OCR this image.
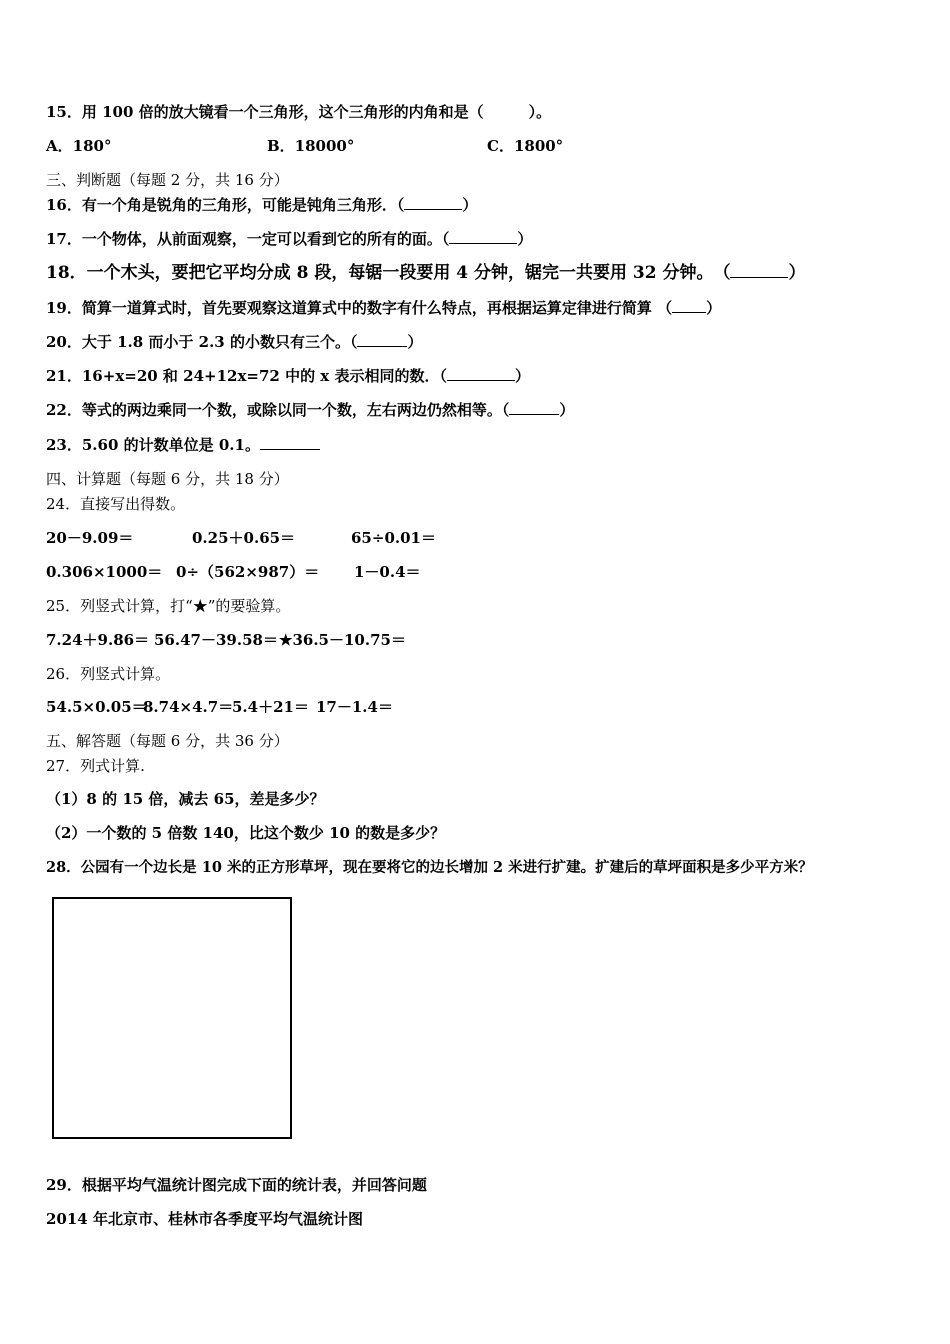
15．用 100 倍的放大镜看一个三角形，这个三角形的内角和是（　　　）。
A．180°	B．18000°	C．1800°
三、判断题（每题 2 分，共 16 分）
16．有一个角是锐角的三角形，可能是钝角三角形．（	）
17．一个物体，从前面观察，一定可以看到它的所有的面。（	）
18．一个木头，要把它平均分成 8 段，每锯一段要用 4 分钟，锯完一共要用 32 分钟。　（	）
19．简算一道算式时，首先要观察这道算式中的数字有什么特点，再根据运算定律进行简算 （ ）
20．大于 1.8 而小于 2.3 的小数只有三个。（	）
21．16+x=20 和 24+12x=72 中的 x 表示相同的数．（	）
22．等式的两边乘同一个数，或除以同一个数，左右两边仍然相等。（	）
23．5.60 的计数单位是 0.1。
四、计算题（每题 6 分，共 18 分）
24．直接写出得数。
20－9.09＝	0.25＋0.65＝	65÷0.01＝
0.306×1000＝ 0÷（562×987）＝ 1－0.4＝
25．列竖式计算，打“★”的要验算。
7.24＋9.86＝ 56.47－39.58＝ ★36.5－10.75＝
26．列竖式计算。
54.5×0.05＝
8.74×4.7＝
5.4＋21＝ 17－1.4＝
五、解答题（每题 6 分，共 36 分）
27．列式计算.
（1）8 的 15 倍，减去 65，差是多少？
（2）一个数的 5 倍数 140，比这个数少 10 的数是多少？
28．公园有一个边长是 10 米的正方形草坪，现在要将它的边长增加 2 米进行扩建。扩建后的草坪面积是多少平方米？
29．根据平均气温统计图完成下面的统计表，并回答问题
2014 年北京市、桂林市各季度平均气温统计图
